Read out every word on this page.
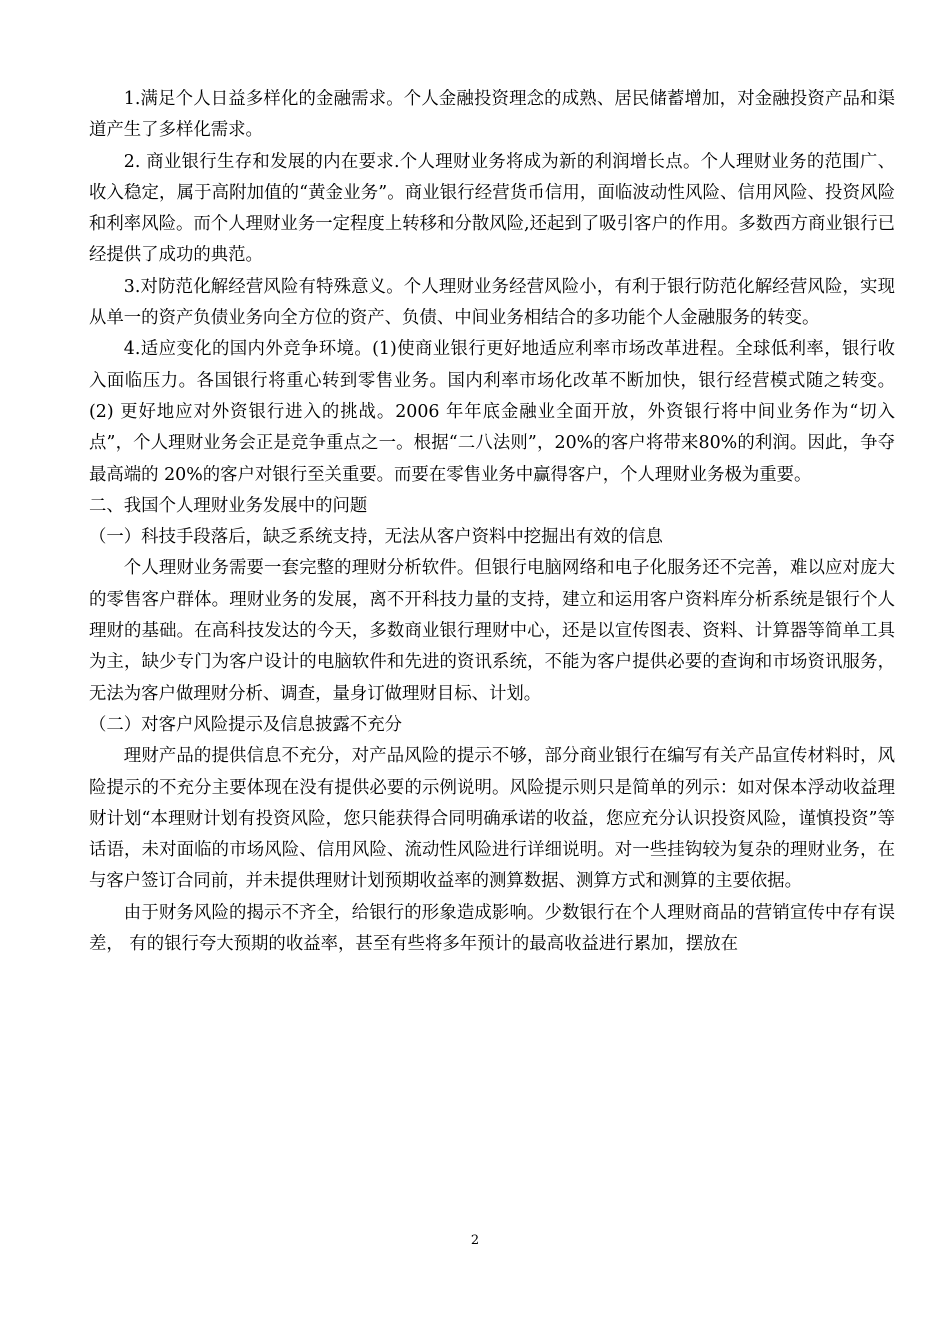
1.满足个人日益多样化的金融需求。个人金融投资理念的成熟、居民储蓄增加，对金融投资产品和渠道产生了多样化需求。

2. 商业银行生存和发展的内在要求.个人理财业务将成为新的利润增长点。个人理财业务的范围广、收入稳定，属于高附加值的“黄金业务”。商业银行经营货币信用，面临波动性风险、信用风险、投资风险和利率风险。而个人理财业务一定程度上转移和分散风险,还起到了吸引客户的作用。多数西方商业银行已经提供了成功的典范。

3.对防范化解经营风险有特殊意义。个人理财业务经营风险小，有利于银行防范化解经营风险，实现从单一的资产负债业务向全方位的资产、负债、中间业务相结合的多功能个人金融服务的转变。

4.适应变化的国内外竞争环境。(1)使商业银行更好地适应利率市场改革进程。全球低利率，银行收入面临压力。各国银行将重心转到零售业务。国内利率市场化改革不断加快，银行经营模式随之转变。(2) 更好地应对外资银行进入的挑战。2006 年年底金融业全面开放，外资银行将中间业务作为“切入点”，个人理财业务会正是竞争重点之一。根据“二八法则”，20%的客户将带来80%的利润。因此，争夺最高端的 20%的客户对银行至关重要。而要在零售业务中赢得客户，个人理财业务极为重要。

二、我国个人理财业务发展中的问题

（一）科技手段落后，缺乏系统支持，无法从客户资料中挖掘出有效的信息

个人理财业务需要一套完整的理财分析软件。但银行电脑网络和电子化服务还不完善，难以应对庞大的零售客户群体。理财业务的发展，离不开科技力量的支持，建立和运用客户资料库分析系统是银行个人理财的基础。在高科技发达的今天，多数商业银行理财中心，还是以宣传图表、资料、计算器等简单工具为主，缺少专门为客户设计的电脑软件和先进的资讯系统，不能为客户提供必要的查询和市场资讯服务，无法为客户做理财分析、调查，量身订做理财目标、计划。

（二）对客户风险提示及信息披露不充分

理财产品的提供信息不充分，对产品风险的提示不够，部分商业银行在编写有关产品宣传材料时，风险提示的不充分主要体现在没有提供必要的示例说明。风险提示则只是简单的列示：如对保本浮动收益理财计划“本理财计划有投资风险，您只能获得合同明确承诺的收益，您应充分认识投资风险，谨慎投资”等话语，未对面临的市场风险、信用风险、流动性风险进行详细说明。对一些挂钩较为复杂的理财业务，在与客户签订合同前，并未提供理财计划预期收益率的测算数据、测算方式和测算的主要依据。

由于财务风险的揭示不齐全，给银行的形象造成影响。少数银行在个人理财商品的营销宣传中存有误差， 有的银行夸大预期的收益率，甚至有些将多年预计的最高收益进行累加，摆放在

2
